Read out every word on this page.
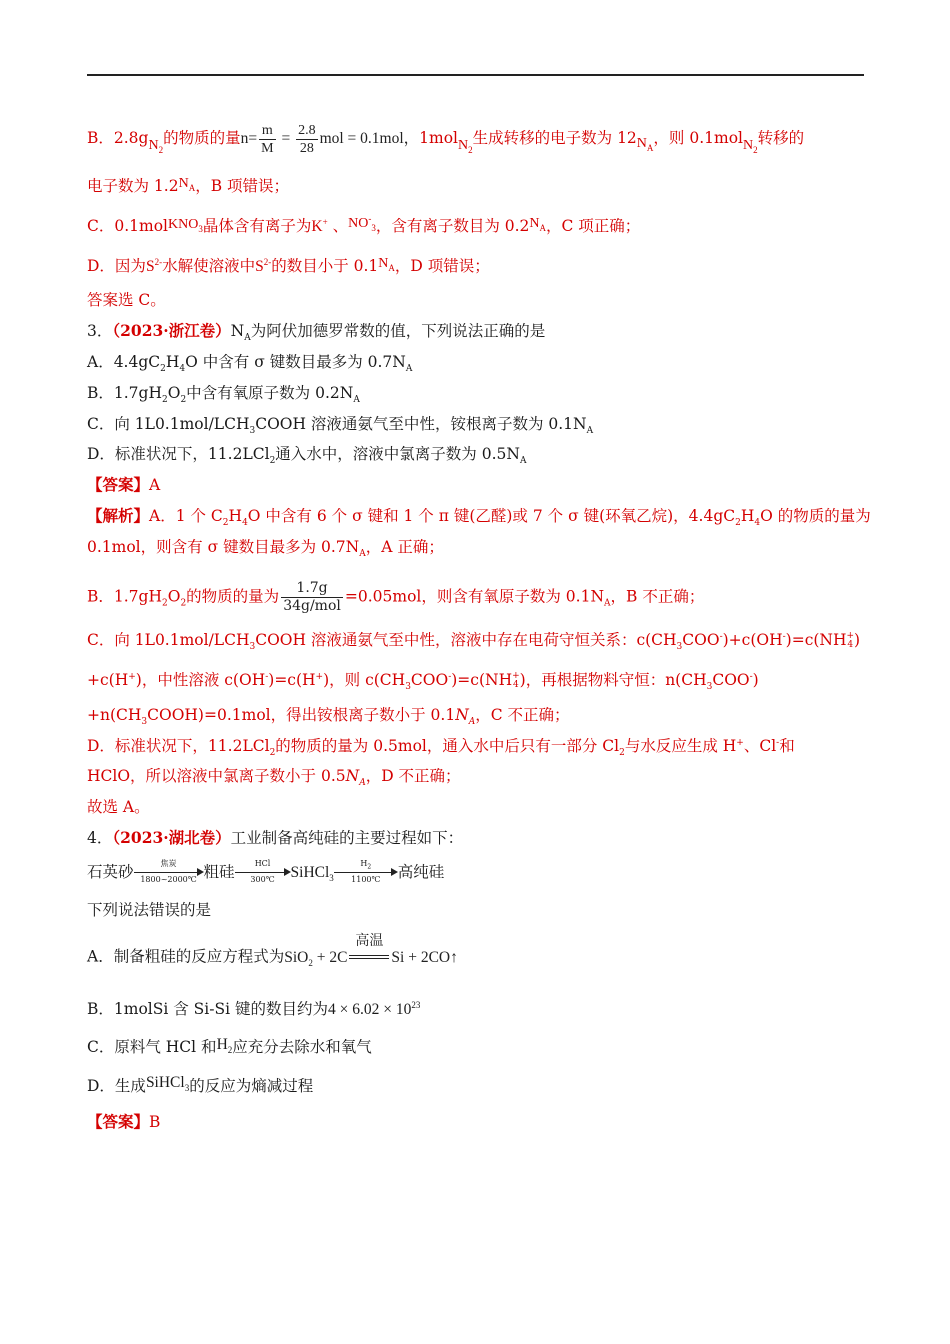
B．$2.8gN_2$的物质的量$n= \frac{m}{M} = \frac{2.8}{28}$ mol = 0.1mol，1molN$_2$生成转移的电子数为 $12N_A$，则 0.1molN$_2$转移的
电子数为 $1.2N_A$，B 项错误；
C．0.1molKNO$_3$晶体含有离子为K+ 、$NO^-_3$，含有离子数目为 $0.2N_A$，C 项正确；
D．因为$S^{2-}$水解使溶液中$S^{2-}$的数目小于 $0.1N_A$，D 项错误；
答案选 C。
3．（2023·浙江卷）$N_A$为阿伏加德罗常数的值，下列说法正确的是
A．$4.4gC_2H_4O$ 中含有 σ 键数目最多为 $0.7N_A$
B．$1.7gH_2O_2$中含有氧原子数为 $0.2N_A$
C．向 $1L0.1mol/LCH_3COOH$ 溶液通氨气至中性，铵根离子数为 $0.1N_A$
D．标准状况下，11.2LCl$_2$通入水中，溶液中氯离子数为 $0.5N_A$
【答案】A
【解析】A．1 个 $C_2H_4O$ 中含有 6 个 σ 键和 1 个 π 键(乙醛)或 7 个 σ 键(环氧乙烷)，$4.4gC_2H_4O$ 的物质的量为
0.1mol，则含有 σ 键数目最多为 $0.7N_A$，A 正确；
B．$1.7gH_2O_2$的物质的量为 $\frac{1.7g}{\text{34g/mol}} =0.05mol$，则含有氧原子数为 $0.1N_A$，B 不正确；
C．向 $1L0.1mol/LCH_3COOH$ 溶液通氨气至中性，溶液中存在电荷守恒关系：$c(CH_3COO^-)+c(OH^-)=c(NH$ +
4 )
+c(H+)，中性溶液 c(OH-)=c(H+)，则 $c(CH_3COO^-)=c(NH$ +
4 )，再根据物料守恒：$n(CH_3COO^-)$
$+n(CH_3COOH)=0.1mol$，得出铵根离子数小于 $0.1N_A$，C 不正确；
D．标准状况下，11.2LCl$_2$的物质的量为 0.5mol，通入水中后只有一部分 $Cl_2$与水反应生成 H+、Cl-和
HClO，所以溶液中氯离子数小于 $0.5N_A$，D 不正确；
故选 A。
4．（2023·湖北卷）工业制备高纯硅的主要过程如下：
石英砂	焦炭
1800~2000℃ 粗硅	HCl
300℃	SiHCl$_3$ $\frac{H_2}{1100℃}$ 高纯硅
下列说法错误的是
A．制备粗硅的反应方程式为SiO$_2$ + 2C
高温
Si + 2CO↑
B．1molSi 含 Si-Si 键的数目约为$4 \times 6.02 \times 10^{23}$
C．原料气 HCl 和$H_2$应充分去除水和氧气
D．生成SiHCl$_3$的反应为熵减过程
【答案】B
